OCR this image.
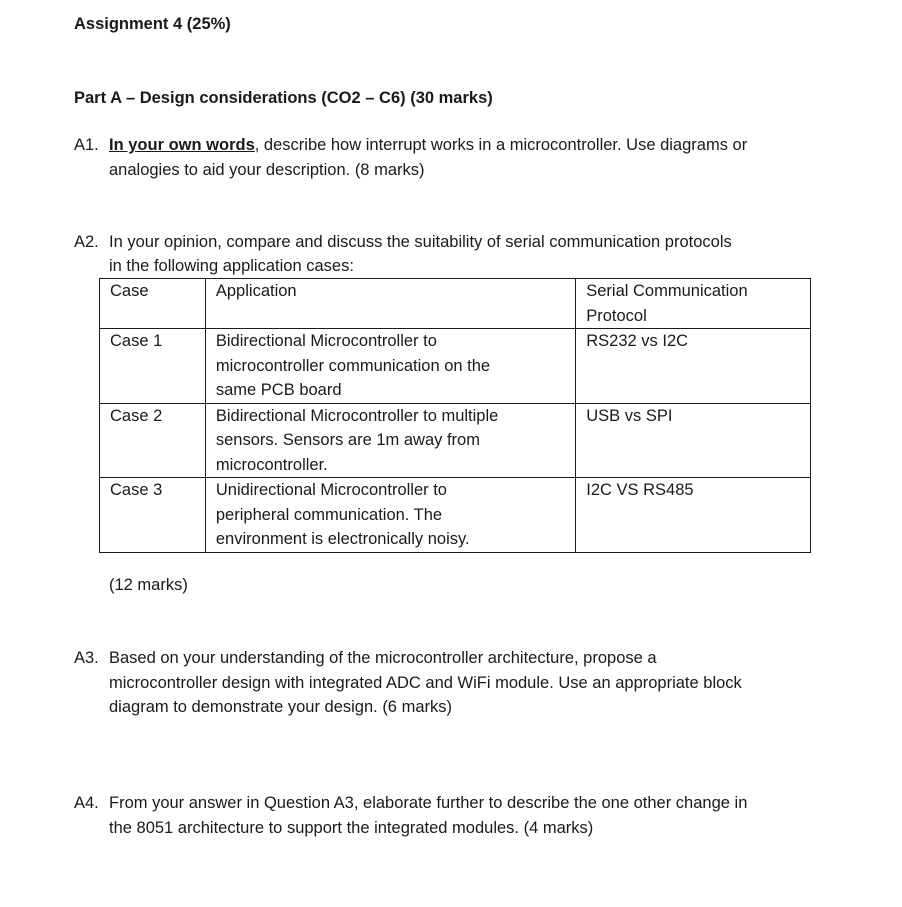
Assignment 4 (25%)
Part A – Design considerations (CO2 – C6) (30 marks)
A1. In your own words, describe how interrupt works in a microcontroller. Use diagrams or
analogies to aid your description. (8 marks)
A2. In your opinion, compare and discuss the suitability of serial communication protocols
in the following application cases:
Case	Application	Serial Communication
Protocol

Case 1	Bidirectional Microcontroller to
microcontroller communication on the
same PCB board	RS232 vs I2C
Case 2	Bidirectional Microcontroller to multiple
sensors. Sensors are 1m away from
microcontroller.	USB vs SPI
Case 3	Unidirectional Microcontroller to
peripheral communication. The
environment is electronically noisy.	I2C VS RS485
(12 marks)
A3. Based on your understanding of the microcontroller architecture, propose a
microcontroller design with integrated ADC and WiFi module. Use an appropriate block
diagram to demonstrate your design. (6 marks)
A4. From your answer in Question A3, elaborate further to describe the one other change in
the 8051 architecture to support the integrated modules. (4 marks)
